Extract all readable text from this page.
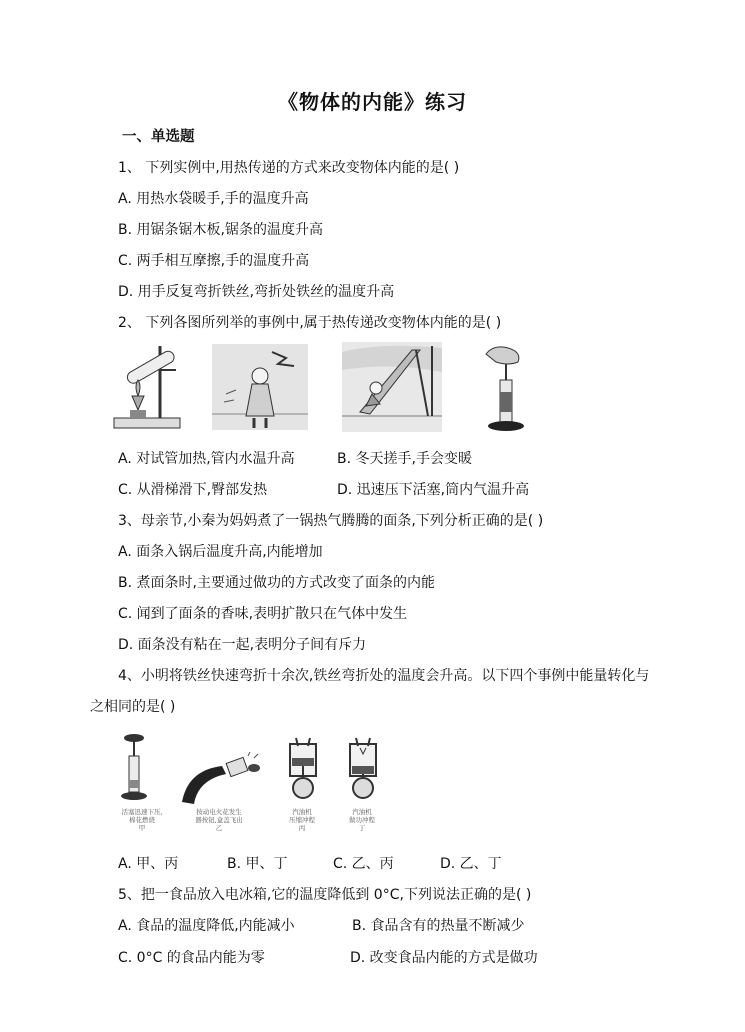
《物体的内能》练习
一、单选题
1、 下列实例中,用热传递的方式来改变物体内能的是( )
A. 用热水袋暖手,手的温度升高
B. 用锯条锯木板,锯条的温度升高
C. 两手相互摩擦,手的温度升高
D. 用手反复弯折铁丝,弯折处铁丝的温度升高
2、 下列各图所列举的事例中,属于热传递改变物体内能的是( )
A. 对试管加热,管内水温升高	B. 冬天搓手,手会变暖
C. 从滑梯滑下,臀部发热	D. 迅速压下活塞,筒内气温升高
3、母亲节,小秦为妈妈煮了一锅热气腾腾的面条,下列分析正确的是( )
A. 面条入锅后温度升高,内能增加
B. 煮面条时,主要通过做功的方式改变了面条的内能
C. 闻到了面条的香味,表明扩散只在气体中发生
D. 面条没有粘在一起,表明分子间有斥力
4、小明将铁丝快速弯折十余次,铁丝弯折处的温度会升高。以下四个事例中能量转化与
之相同的是( )
活塞迅速下压,
棉花燃烧
甲
按动电火花发生
器按钮,盒盖飞出
乙
汽油机
压缩冲程
丙
汽油机
做功冲程
丁
A. 甲、丙	B. 甲、丁	C. 乙、丙	D. 乙、丁
5、把一食品放入电冰箱,它的温度降低到 0°C,下列说法正确的是( )
A. 食品的温度降低,内能减小	B. 食品含有的热量不断减少
C. 0°C 的食品内能为零	D. 改变食品内能的方式是做功
